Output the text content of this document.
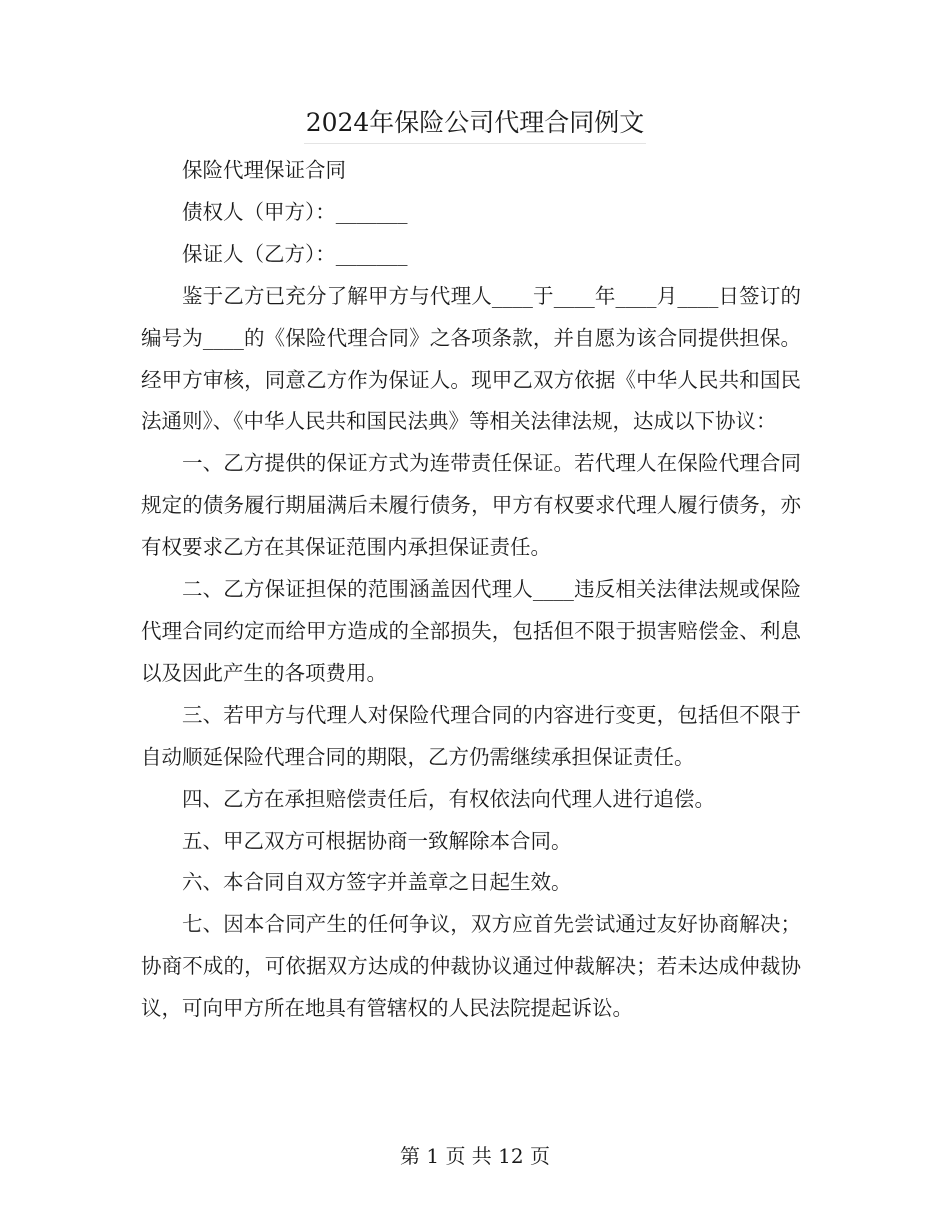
2024年保险公司代理合同例文

保险代理保证合同

债权人（甲方）：_______

保证人（乙方）：_______

鉴于乙方已充分了解甲方与代理人____于____年____月____日签订的编号为____的《保险代理合同》之各项条款，并自愿为该合同提供担保。经甲方审核，同意乙方作为保证人。现甲乙双方依据《中华人民共和国民法通则》、《中华人民共和国民法典》等相关法律法规，达成以下协议：

一、乙方提供的保证方式为连带责任保证。若代理人在保险代理合同规定的债务履行期届满后未履行债务，甲方有权要求代理人履行债务，亦有权要求乙方在其保证范围内承担保证责任。

二、乙方保证担保的范围涵盖因代理人____违反相关法律法规或保险代理合同约定而给甲方造成的全部损失，包括但不限于损害赔偿金、利息以及因此产生的各项费用。

三、若甲方与代理人对保险代理合同的内容进行变更，包括但不限于自动顺延保险代理合同的期限，乙方仍需继续承担保证责任。

四、乙方在承担赔偿责任后，有权依法向代理人进行追偿。

五、甲乙双方可根据协商一致解除本合同。

六、本合同自双方签字并盖章之日起生效。

七、因本合同产生的任何争议，双方应首先尝试通过友好协商解决；协商不成的，可依据双方达成的仲裁协议通过仲裁解决；若未达成仲裁协议，可向甲方所在地具有管辖权的人民法院提起诉讼。

第 1 页 共 12 页
